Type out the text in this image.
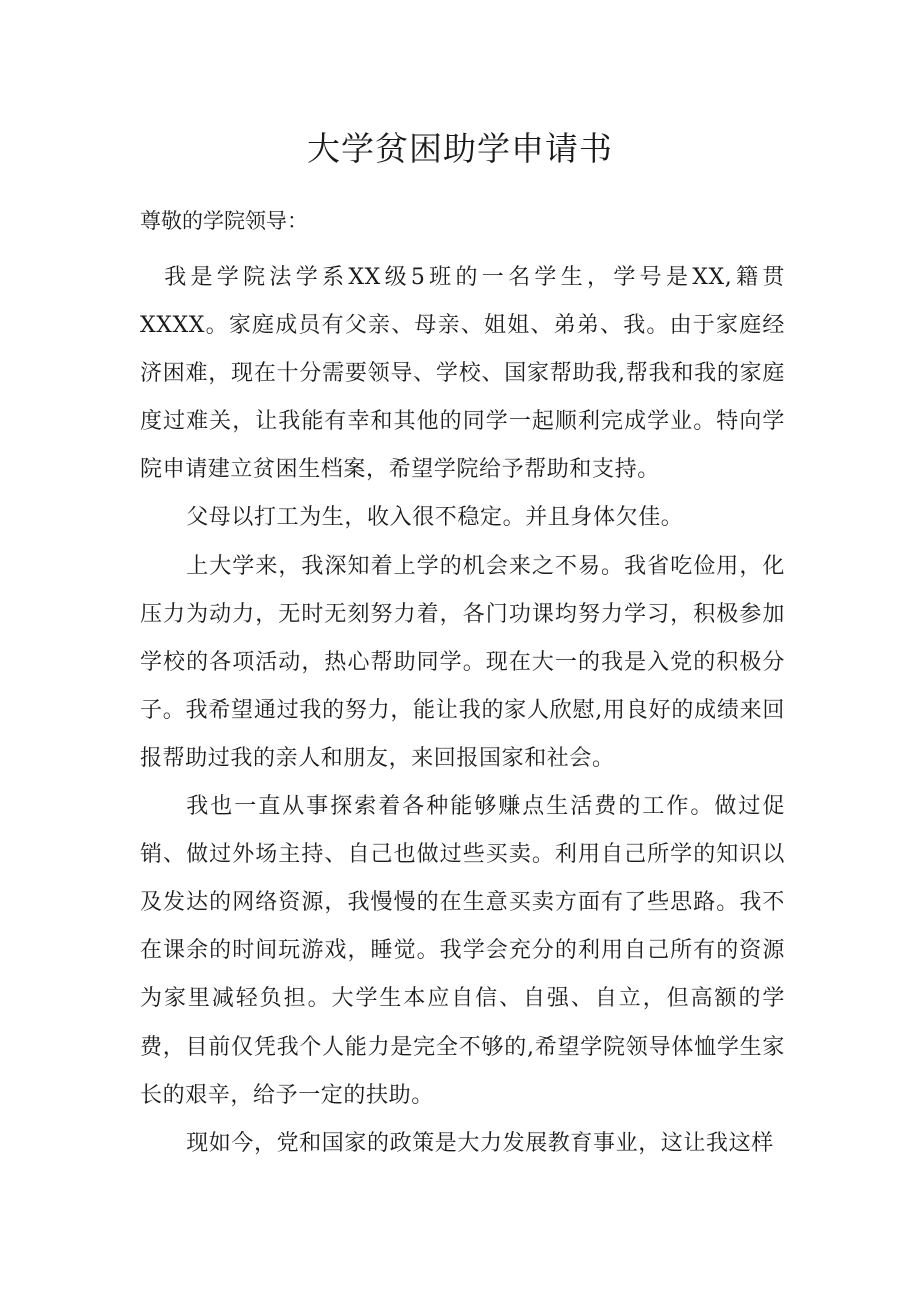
大学贫困助学申请书

尊敬的学院领导：

我是学院法学系XX级5班的一名学生，学号是XX,籍贯XXXX。家庭成员有父亲、母亲、姐姐、弟弟、我。由于家庭经济困难，现在十分需要领导、学校、国家帮助我,帮我和我的家庭度过难关，让我能有幸和其他的同学一起顺利完成学业。特向学院申请建立贫困生档案，希望学院给予帮助和支持。

父母以打工为生，收入很不稳定。并且身体欠佳。

上大学来，我深知着上学的机会来之不易。我省吃俭用，化压力为动力，无时无刻努力着，各门功课均努力学习，积极参加学校的各项活动，热心帮助同学。现在大一的我是入党的积极分子。我希望通过我的努力，能让我的家人欣慰,用良好的成绩来回报帮助过我的亲人和朋友，来回报国家和社会。

我也一直从事探索着各种能够赚点生活费的工作。做过促销、做过外场主持、自己也做过些买卖。利用自己所学的知识以及发达的网络资源，我慢慢的在生意买卖方面有了些思路。我不在课余的时间玩游戏，睡觉。我学会充分的利用自己所有的资源为家里减轻负担。大学生本应自信、自强、自立，但高额的学费，目前仅凭我个人能力是完全不够的,希望学院领导体恤学生家长的艰辛，给予一定的扶助。

现如今，党和国家的政策是大力发展教育事业，这让我这样
